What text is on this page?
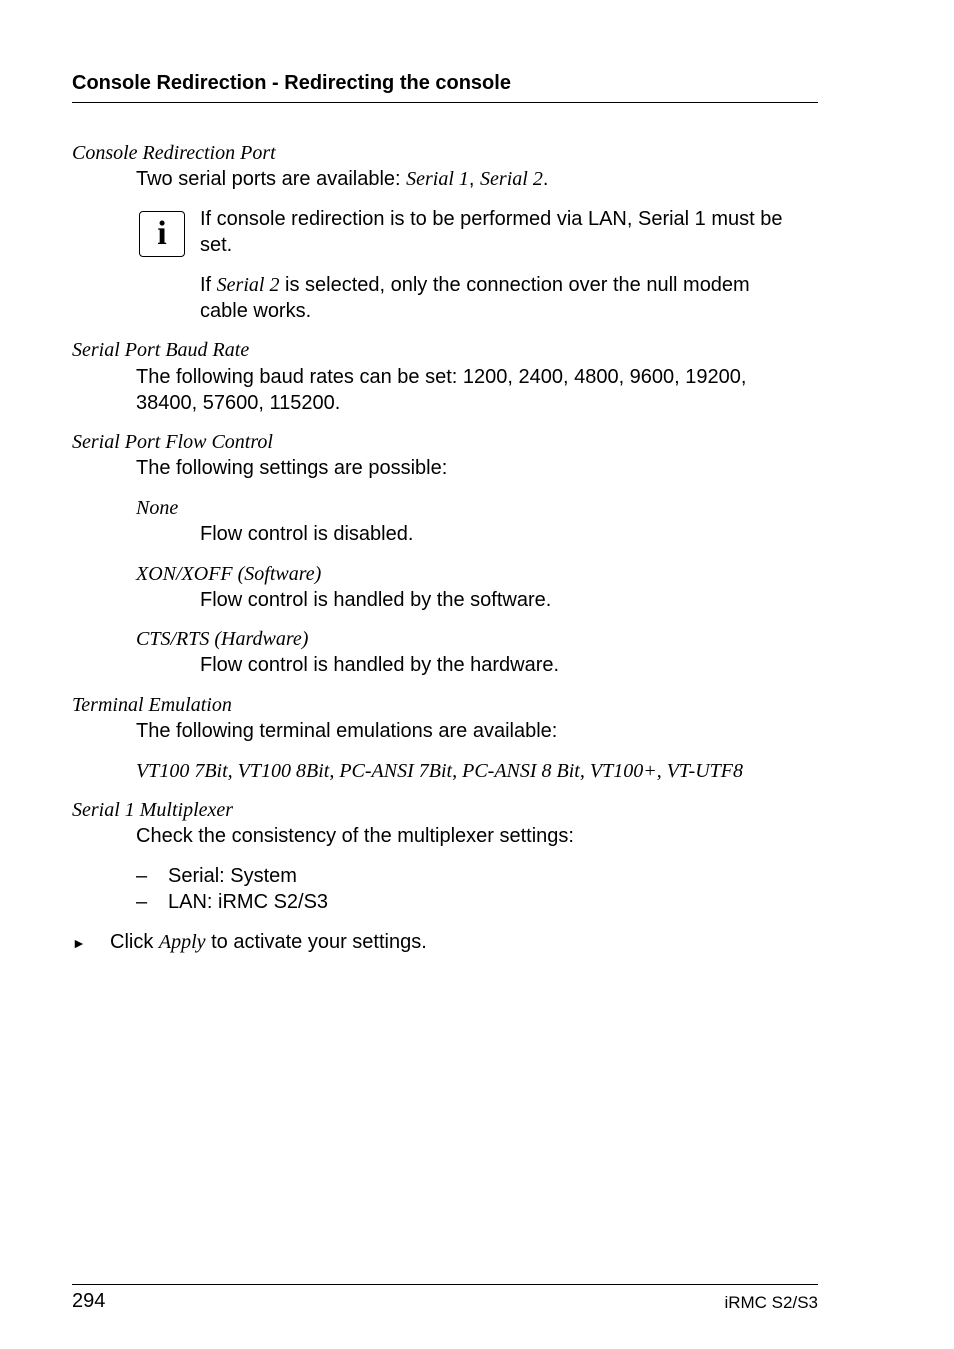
Console Redirection - Redirecting the console
Console Redirection Port
Two serial ports are available: Serial 1, Serial 2.
i If console redirection is to be performed via LAN, Serial 1 must be
set.
If Serial 2 is selected, only the connection over the null modem
cable works.
Serial Port Baud Rate
The following baud rates can be set: 1200, 2400, 4800, 9600, 19200,
38400, 57600, 115200.
Serial Port Flow Control
The following settings are possible:
None
Flow control is disabled.
XON/XOFF (Software)
Flow control is handled by the software.
CTS/RTS (Hardware)
Flow control is handled by the hardware.
Terminal Emulation
The following terminal emulations are available:
VT100 7Bit, VT100 8Bit, PC-ANSI 7Bit, PC-ANSI 8 Bit, VT100+, VT-UTF8
Serial 1 Multiplexer
Check the consistency of the multiplexer settings:
– Serial: System
– LAN: iRMC S2/S3
► Click Apply to activate your settings.
294	iRMC S2/S3
